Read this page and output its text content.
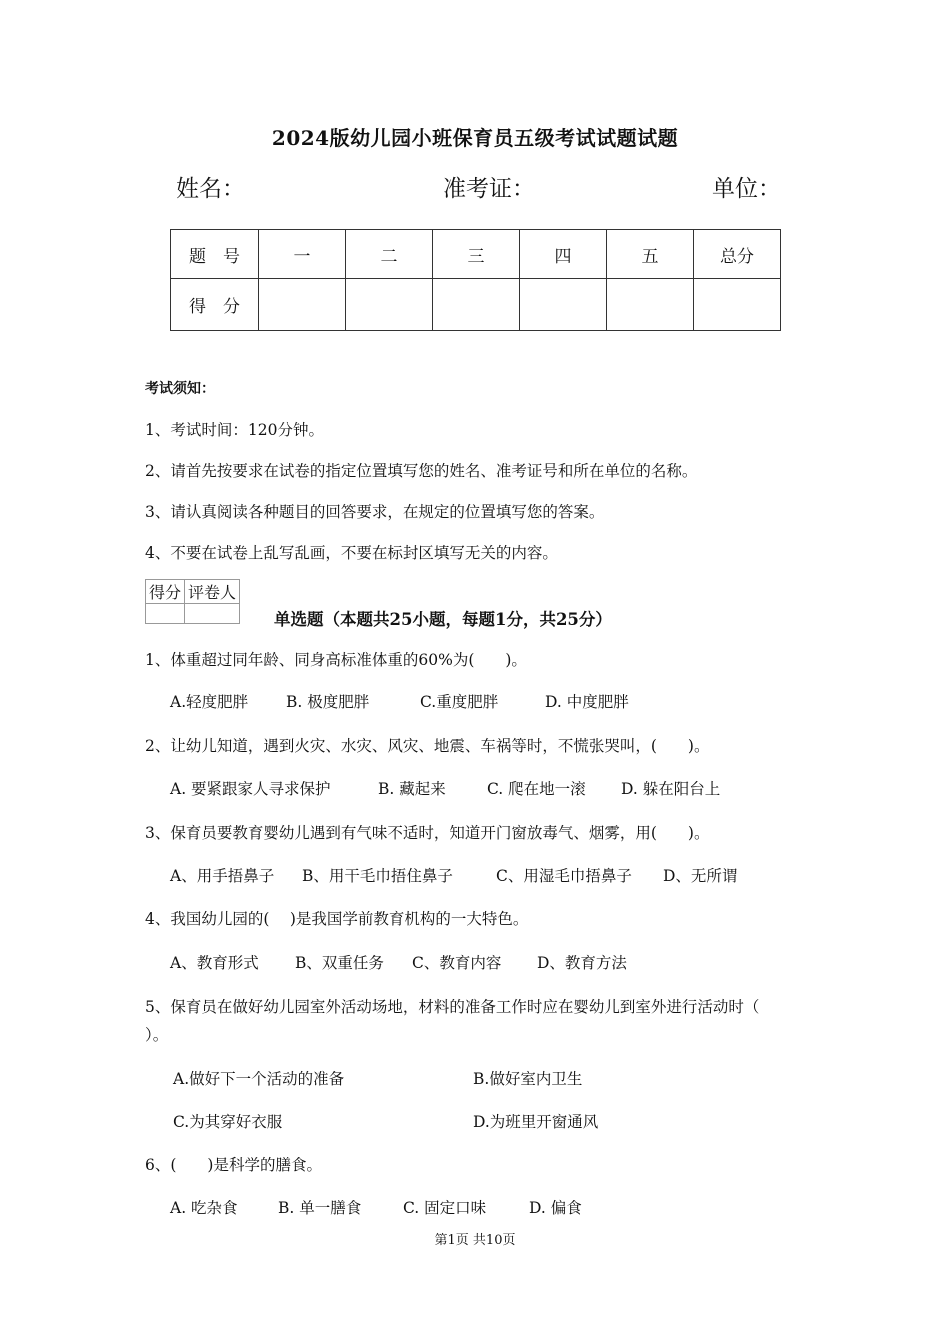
2024版幼儿园小班保育员五级考试试题试题
姓名：	准考证：	单位：
题　号	一	二	三	四	五	总分
得　分						
考试须知：
1、考试时间：120分钟。
2、请首先按要求在试卷的指定位置填写您的姓名、准考证号和所在单位的名称。
3、请认真阅读各种题目的回答要求，在规定的位置填写您的答案。
4、不要在试卷上乱写乱画，不要在标封区填写无关的内容。
得分	评卷人

单选题（本题共25小题，每题1分，共25分）
1、体重超过同年龄、同身高标准体重的60%为(　　)。
A.轻度肥胖 B. 极度肥胖	C.重度肥胖	D. 中度肥胖
2、让幼儿知道，遇到火灾、水灾、风灾、地震、车祸等时，不慌张哭叫，(　　)。
A. 要紧跟家人寻求保护	B. 藏起来	C. 爬在地一滚 D. 躲在阳台上
3、保育员要教育婴幼儿遇到有气味不适时，知道开门窗放毒气、烟雾，用(　　)。
A、用手捂鼻子 B、用干毛巾捂住鼻子	C、用湿毛巾捂鼻子 D、无所谓
4、我国幼儿园的(　 )是我国学前教育机构的一大特色。
A、教育形式 B、双重任务 C、教育内容 D、教育方法
5、保育员在做好幼儿园室外活动场地，材料的准备工作时应在婴幼儿到室外进行活动时（
）。
A.做好下一个活动的准备	B.做好室内卫生
C.为其穿好衣服	D.为班里开窗通风
6、(　　)是科学的膳食。
A. 吃杂食	B. 单一膳食	C. 固定口味	D. 偏食
第1页 共10页
